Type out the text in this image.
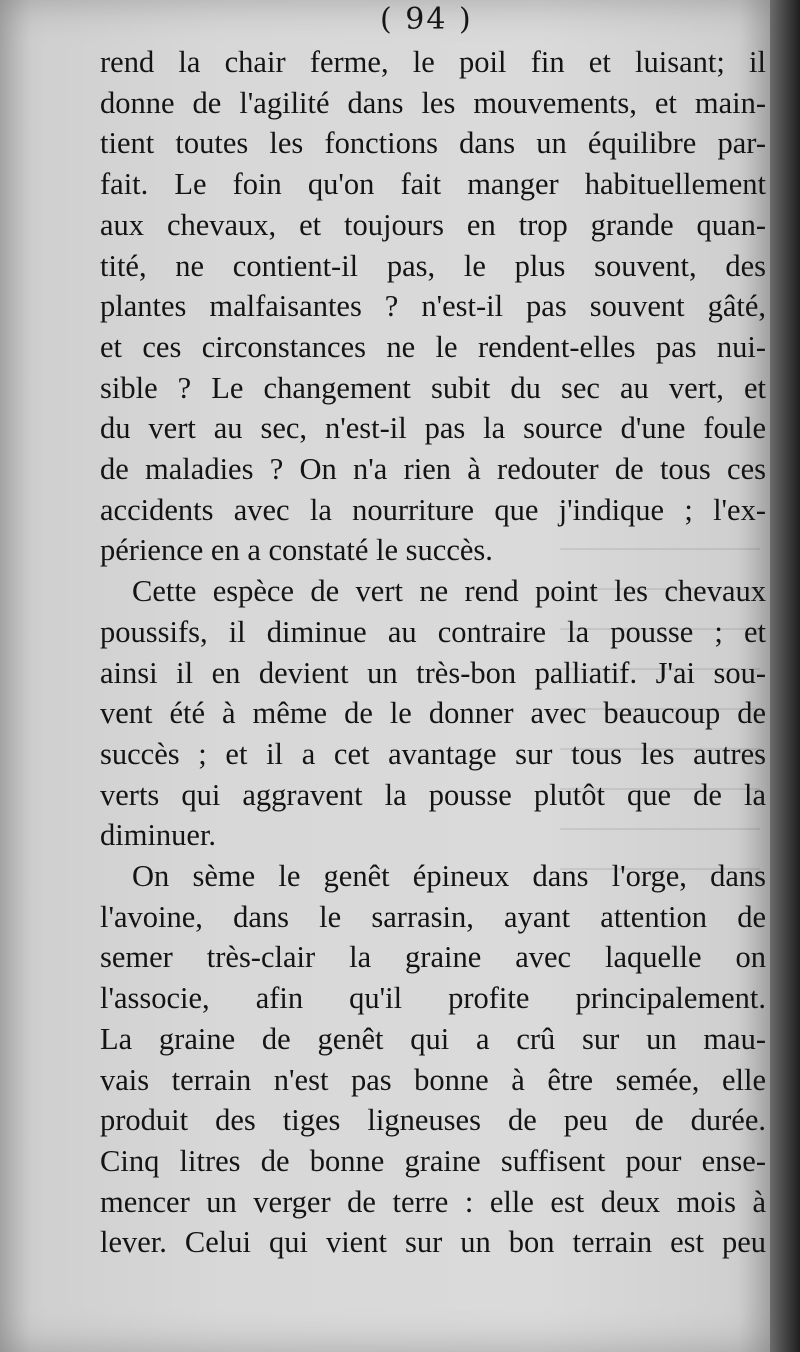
( 94 )
rend la chair ferme, le poil fin et luisant; il
donne de l'agilité dans les mouvements, et main-
tient toutes les fonctions dans un équilibre par-
fait. Le foin qu'on fait manger habituellement
aux chevaux, et toujours en trop grande quan-
tité, ne contient-il pas, le plus souvent, des
plantes malfaisantes ? n'est-il pas souvent gâté,
et ces circonstances ne le rendent-elles pas nui-
sible ? Le changement subit du sec au vert, et
du vert au sec, n'est-il pas la source d'une foule
de maladies ? On n'a rien à redouter de tous ces
accidents avec la nourriture que j'indique ; l'ex-
périence en a constaté le succès.
Cette espèce de vert ne rend point les chevaux
poussifs, il diminue au contraire la pousse ; et
ainsi il en devient un très-bon palliatif. J'ai sou-
vent été à même de le donner avec beaucoup de
succès ; et il a cet avantage sur tous les autres
verts qui aggravent la pousse plutôt que de la
diminuer.
On sème le genêt épineux dans l'orge, dans
l'avoine, dans le sarrasin, ayant attention de
semer très-clair la graine avec laquelle on
l'associe, afin qu'il profite principalement.
La graine de genêt qui a crû sur un mau-
vais terrain n'est pas bonne à être semée, elle
produit des tiges ligneuses de peu de durée.
Cinq litres de bonne graine suffisent pour ense-
mencer un verger de terre : elle est deux mois à
lever. Celui qui vient sur un bon terrain est peu
